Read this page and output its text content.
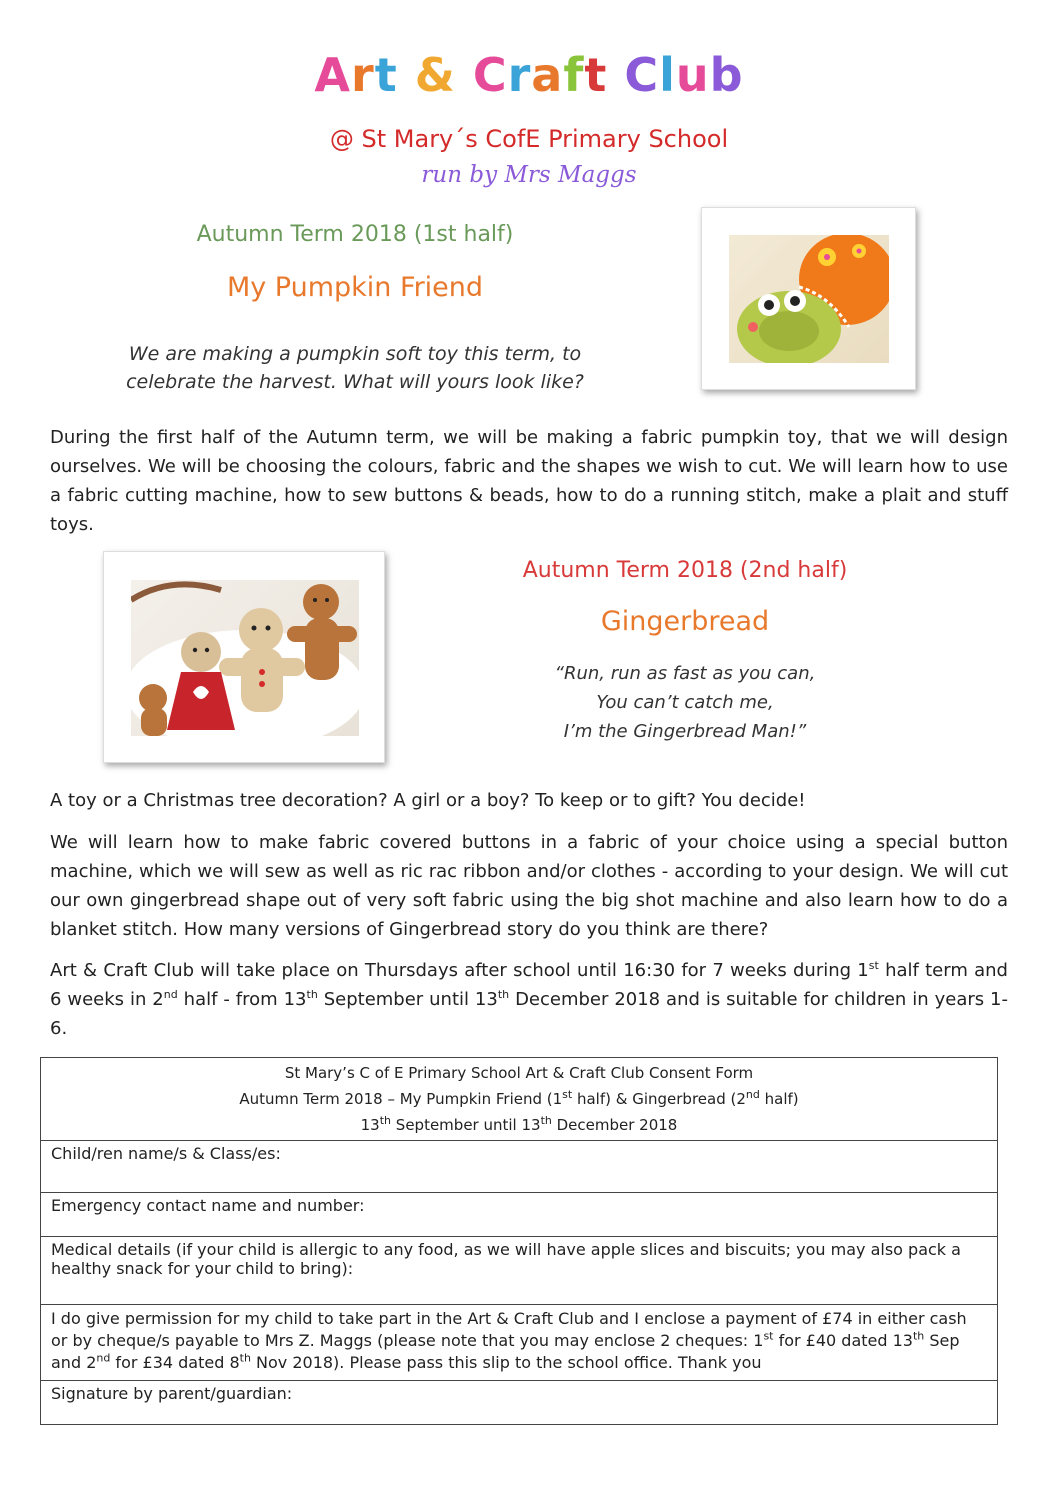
Art & Craft Club
@ St Mary´s CofE Primary School
run by Mrs Maggs
Autumn Term 2018 (1st half)
My Pumpkin Friend
We are making a pumpkin soft toy this term, to
celebrate the harvest. What will yours look like?
During the first half of the Autumn term, we will be making a fabric pumpkin toy, that we will design ourselves. We will be choosing the colours, fabric and the shapes we wish to cut. We will learn how to use a fabric cutting machine, how to sew buttons & beads, how to do a running stitch, make a plait and stuff toys.
Autumn Term 2018 (2nd half)
Gingerbread
“Run, run as fast as you can,
You can’t catch me,
I’m the Gingerbread Man!”
A toy or a Christmas tree decoration? A girl or a boy? To keep or to gift? You decide!
We will learn how to make fabric covered buttons in a fabric of your choice using a special button machine, which we will sew as well as ric rac ribbon and/or clothes - according to your design. We will cut our own gingerbread shape out of very soft fabric using the big shot machine and also learn how to do a blanket stitch. How many versions of Gingerbread story do you think are there?
Art & Craft Club will take place on Thursdays after school until 16:30 for 7 weeks during 1st half term and 6 weeks in 2nd half - from 13th September until 13th December 2018 and is suitable for children in years 1-6.
St Mary’s C of E Primary School Art & Craft Club Consent Form
Autumn Term 2018 – My Pumpkin Friend (1st half) & Gingerbread (2nd half)
13th September until 13th December 2018

Child/ren name/s & Class/es:
Emergency contact name and number:
Medical details (if your child is allergic to any food, as we will have apple slices and biscuits; you may also pack a healthy snack for your child to bring):
I do give permission for my child to take part in the Art & Craft Club and I enclose a payment of £74 in either cash or by cheque/s payable to Mrs Z. Maggs (please note that you may enclose 2 cheques: 1st for £40 dated 13th Sep and 2nd for £34 dated 8th Nov 2018). Please pass this slip to the school office. Thank you
Signature by parent/guardian:
